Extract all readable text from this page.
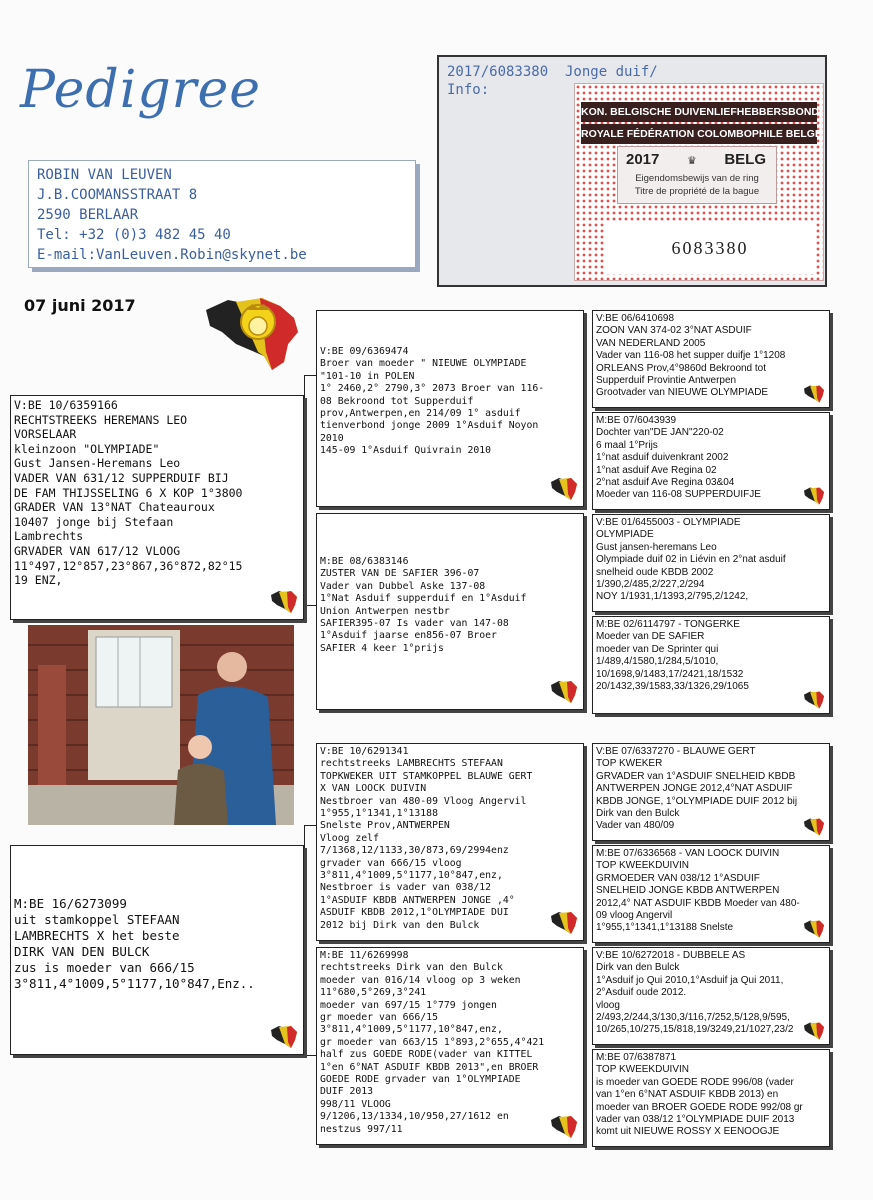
Pedigree
ROBIN VAN LEUVEN
J.B.COOMANSSTRAAT 8
2590 BERLAAR
Tel: +32 (0)3 482 45 40
E-mail:VanLeuven.Robin@skynet.be
07 juni 2017
2017/6083380  Jonge duif/
Info:
KON. BELGISCHE DUIVENLIEFHEBBERSBOND
ROYALE FÉDÉRATION COLOMBOPHILE BELGE
2017 ♛ BELG
Eigendomsbewijs van de ring
Titre de propriété de la bague
6083380
V:BE 10/6359166
RECHTSTREEKS HEREMANS LEO
VORSELAAR
kleinzoon "OLYMPIADE"
Gust Jansen-Heremans Leo
VADER VAN 631/12 SUPPERDUIF BIJ
DE FAM THIJSSELING 6 X KOP 1°3800
GRADER VAN 13°NAT Chateauroux
10407 jonge bij Stefaan
Lambrechts
GRVADER VAN 617/12 VLOOG
11°497,12°857,23°867,36°872,82°15
19 ENZ,
M:BE 16/6273099
uit stamkoppel STEFAAN
LAMBRECHTS X het beste
DIRK VAN DEN BULCK
zus is moeder van 666/15
3°811,4°1009,5°1177,10°847,Enz..
V:BE 09/6369474
Broer van moeder " NIEUWE OLYMPIADE
"101-10 in POLEN
1° 2460,2° 2790,3° 2073 Broer van 116-
08 Bekroond tot Supperduif
prov,Antwerpen,en 214/09 1° asduif
tienverbond jonge 2009 1°Asduif Noyon
2010
145-09 1°Asduif Quivrain 2010
M:BE 08/6383146
ZUSTER VAN DE SAFIER 396-07
Vader van Dubbel Aske 137-08
1°Nat Asduif supperduif en 1°Asduif
Union Antwerpen nestbr
SAFIER395-07 Is vader van 147-08
1°Asduif jaarse en856-07 Broer
SAFIER 4 keer 1°prijs
V:BE 10/6291341
rechtstreeks LAMBRECHTS STEFAAN
TOPKWEKER UIT STAMKOPPEL BLAUWE GERT
X VAN LOOCK DUIVIN
Nestbroer van 480-09 Vloog Angervil
1°955,1°1341,1°13188
Snelste Prov,ANTWERPEN
Vloog zelf
7/1368,12/1133,30/873,69/2994enz
grvader van 666/15 vloog
3°811,4°1009,5°1177,10°847,enz,
Nestbroer is vader van 038/12
1°ASDUIF KBDB ANTWERPEN JONGE ,4°
ASDUIF KBDB 2012,1°OLYMPIADE DUI
2012 bij Dirk van den Bulck
M:BE 11/6269998
rechtstreeks Dirk van den Bulck
moeder van 016/14 vloog op 3 weken
11°680,5°269,3°241
moeder van 697/15 1°779 jongen
gr moeder van 666/15
3°811,4°1009,5°1177,10°847,enz,
gr moeder van 663/15 1°893,2°655,4°421
half zus GOEDE RODE(vader van KITTEL
1°en 6°NAT ASDUIF KBDB 2013",en BROER
GOEDE RODE grvader van 1°OLYMPIADE
DUIF 2013
998/11 VLOOG
9/1206,13/1334,10/950,27/1612 en
nestzus 997/11
V:BE 06/6410698
ZOON VAN 374-02 3°NAT ASDUIF
VAN NEDERLAND 2005
Vader van 116-08 het supper duifje 1°1208
ORLEANS Prov,4°9860d Bekroond tot
Supperduif Provintie Antwerpen
Grootvader van NIEUWE OLYMPIADE
M:BE 07/6043939
Dochter van"DE JAN"220-02
6 maal 1°Prijs
1°nat asduif duivenkrant 2002
1°nat asduif Ave Regina 02
2°nat asduif Ave Regina 03&04
Moeder van 116-08 SUPPERDUIFJE
V:BE 01/6455003 - OLYMPIADE
OLYMPIADE
Gust jansen-heremans Leo
Olympiade duif 02 in Liévin en 2°nat asduif
snelheid oude KBDB 2002
1/390,2/485,2/227,2/294
NOY 1/1931,1/1393,2/795,2/1242,
M:BE 02/6114797 - TONGERKE
Moeder van DE SAFIER
moeder van De Sprinter qui
1/489,4/1580,1/284,5/1010,
10/1698,9/1483,17/2421,18/1532
20/1432,39/1583,33/1326,29/1065
V:BE 07/6337270 - BLAUWE GERT
TOP KWEKER
GRVADER van 1°ASDUIF SNELHEID KBDB
ANTWERPEN JONGE 2012,4°NAT ASDUIF
KBDB JONGE, 1°OLYMPIADE DUIF 2012 bij
Dirk van den Bulck
Vader van 480/09
M:BE 07/6336568 - VAN LOOCK DUIVIN
TOP KWEEKDUIVIN
GRMOEDER VAN 038/12 1°ASDUIF
SNELHEID JONGE KBDB ANTWERPEN
2012,4° NAT ASDUIF KBDB Moeder van 480-
09 vloog Angervil
1°955,1°1341,1°13188 Snelste
V:BE 10/6272018 - DUBBELE AS
Dirk van den Bulck
1°Asduif jo Qui 2010,1°Asduif ja Qui 2011,
2°Asduif oude 2012.
vloog
2/493,2/244,3/130,3/116,7/252,5/128,9/595,
10/265,10/275,15/818,19/3249,21/1027,23/2
M:BE 07/6387871
TOP KWEEKDUIVIN
is moeder van GOEDE RODE 996/08 (vader
van 1°en 6°NAT ASDUIF KBDB 2013) en
moeder van BROER GOEDE RODE 992/08 gr
vader van 038/12 1°OLYMPIADE DUIF 2013
komt uit NIEUWE ROSSY X EENOOGJE
